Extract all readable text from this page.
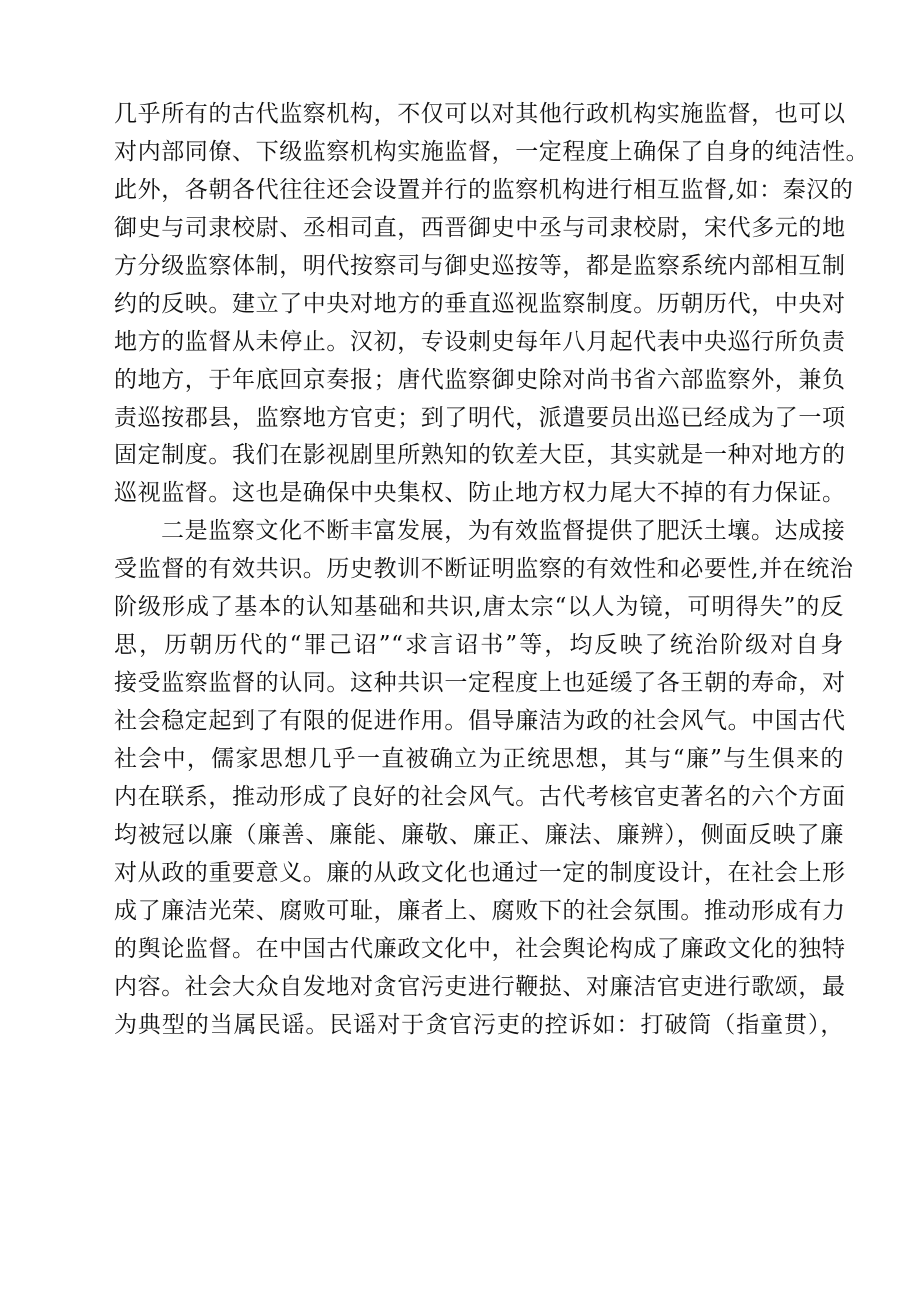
几乎所有的古代监察机构，不仅可以对其他行政机构实施监督，也可以
对内部同僚、下级监察机构实施监督，一定程度上确保了自身的纯洁性。
此外，各朝各代往往还会设置并行的监察机构进行相互监督,如：秦汉的
御史与司隶校尉、丞相司直，西晋御史中丞与司隶校尉，宋代多元的地
方分级监察体制，明代按察司与御史巡按等，都是监察系统内部相互制
约的反映。建立了中央对地方的垂直巡视监察制度。历朝历代，中央对
地方的监督从未停止。汉初，专设刺史每年八月起代表中央巡行所负责
的地方，于年底回京奏报；唐代监察御史除对尚书省六部监察外，兼负
责巡按郡县，监察地方官吏；到了明代，派遣要员出巡已经成为了一项
固定制度。我们在影视剧里所熟知的钦差大臣，其实就是一种对地方的
巡视监督。这也是确保中央集权、防止地方权力尾大不掉的有力保证。
二是监察文化不断丰富发展，为有效监督提供了肥沃土壤。达成接
受监督的有效共识。历史教训不断证明监察的有效性和必要性,并在统治
阶级形成了基本的认知基础和共识,唐太宗“以人为镜，可明得失”的反
思，历朝历代的“罪己诏”“求言诏书”等，均反映了统治阶级对自身
接受监察监督的认同。这种共识一定程度上也延缓了各王朝的寿命，对
社会稳定起到了有限的促进作用。倡导廉洁为政的社会风气。中国古代
社会中，儒家思想几乎一直被确立为正统思想，其与“廉”与生俱来的
内在联系，推动形成了良好的社会风气。古代考核官吏著名的六个方面
均被冠以廉（廉善、廉能、廉敬、廉正、廉法、廉辨），侧面反映了廉
对从政的重要意义。廉的从政文化也通过一定的制度设计，在社会上形
成了廉洁光荣、腐败可耻，廉者上、腐败下的社会氛围。推动形成有力
的舆论监督。在中国古代廉政文化中，社会舆论构成了廉政文化的独特
内容。社会大众自发地对贪官污吏进行鞭挞、对廉洁官吏进行歌颂，最
为典型的当属民谣。民谣对于贪官污吏的控诉如：打破筒（指童贯），
